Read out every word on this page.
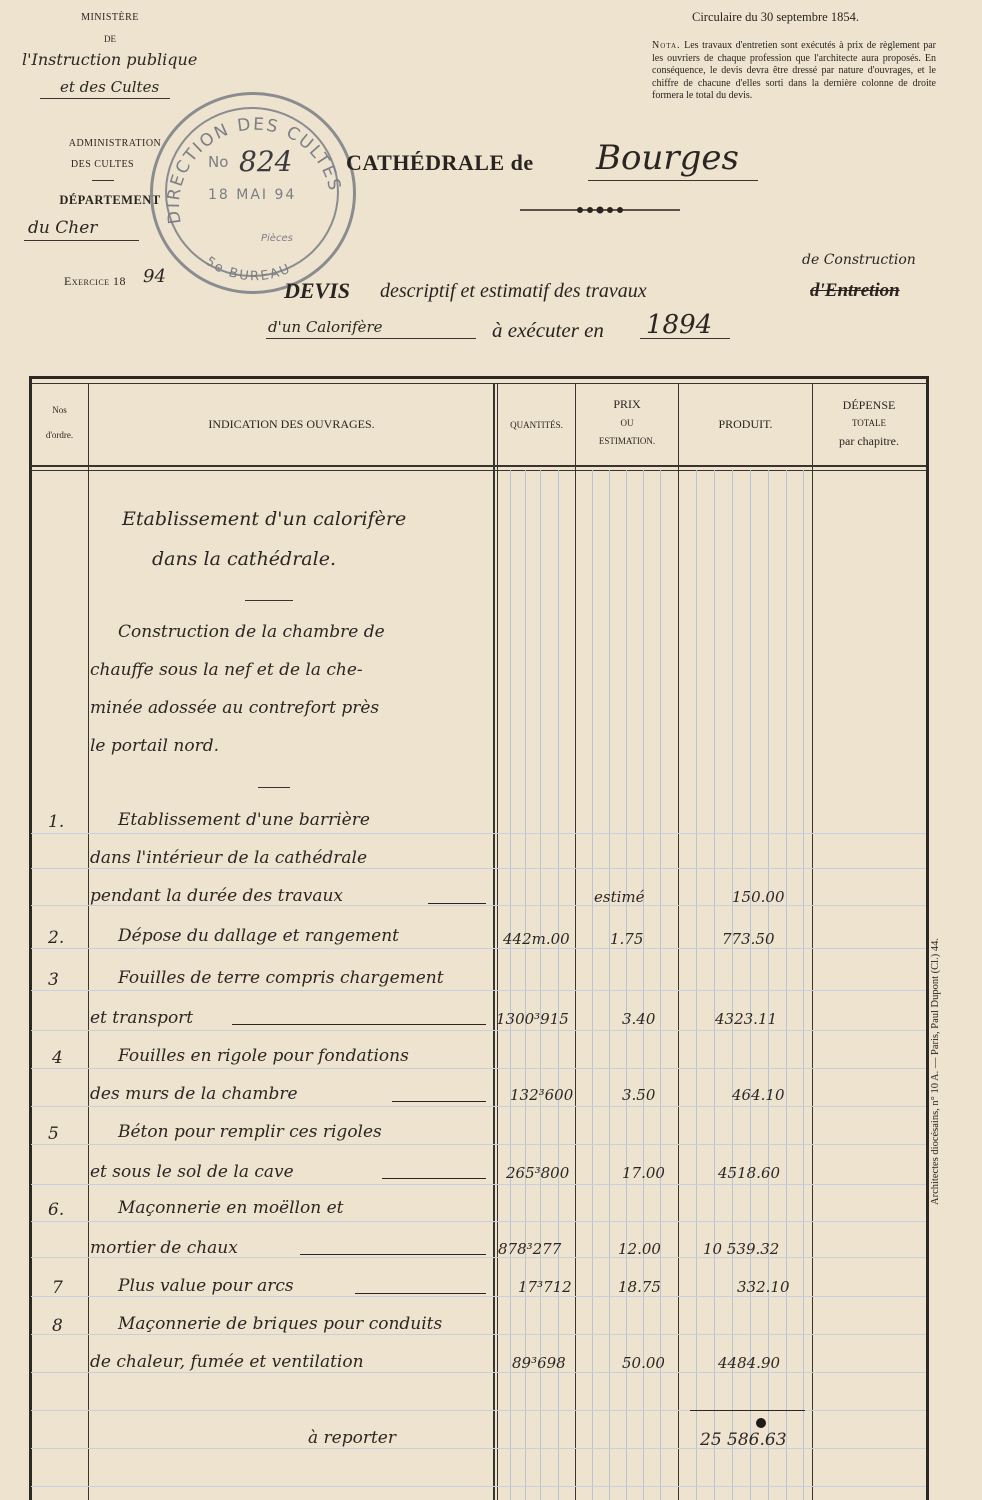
MINISTÈRE
DE
l'Instruction publique
et des Cultes
Circulaire du 30 septembre 1854.
Nota. Les travaux d'entretien sont exécutés à prix de règlement par les ouvriers de chaque profession que l'architecte aura proposés. En conséquence, le devis devra être dressé par nature d'ouvrages, et le chiffre de chacune d'elles sorti dans la dernière colonne de droite formera le total du devis.
ADMINISTRATION
DES CULTES
DÉPARTEMENT
du Cher
Exercice 18 94
DIRECTION DES CULTES
5e BUREAU
No 824
18 MAI 94
Pièces
CATHÉDRALE de Bourges
de Construction
DEVIS descriptif et estimatif des travaux	d'Entretion
d'un Calorifère	à exécuter en 1894
Architectes diocésains, n° 10 A. — Paris, Paul Dupont (Cl.) 44.
Nos
d'ordre.
INDICATION DES OUVRAGES.	QUANTITÉS.
PRIX
OU
ESTIMATION.
PRODUIT.
DÉPENSE
TOTALE
par chapitre.
Etablissement d'un calorifère
dans la cathédrale.
Construction de la chambre de
chauffe sous la nef et de la che-
minée adossée au contrefort près
le portail nord.
1.	Etablissement d'une barrière
dans l'intérieur de la cathédrale
pendant la durée des travaux	estimé	150.00
2.	Dépose du dallage et rangement	442m.00	1.75	773.50
3	Fouilles de terre compris chargement
et transport	1300³915	3.40	4323.11
4	Fouilles en rigole pour fondations
des murs de la chambre	132³600	3.50	464.10
5	Béton pour remplir ces rigoles
et sous le sol de la cave	265³800	17.00	4518.60
6.	Maçonnerie en moëllon et
mortier de chaux	878³277	12.00	10 539.32
7	Plus value pour arcs	17³712	18.75	332.10
8	Maçonnerie de briques pour conduits
de chaleur, fumée et ventilation	89³698	50.00	4484.90
à reporter	25 586.63
